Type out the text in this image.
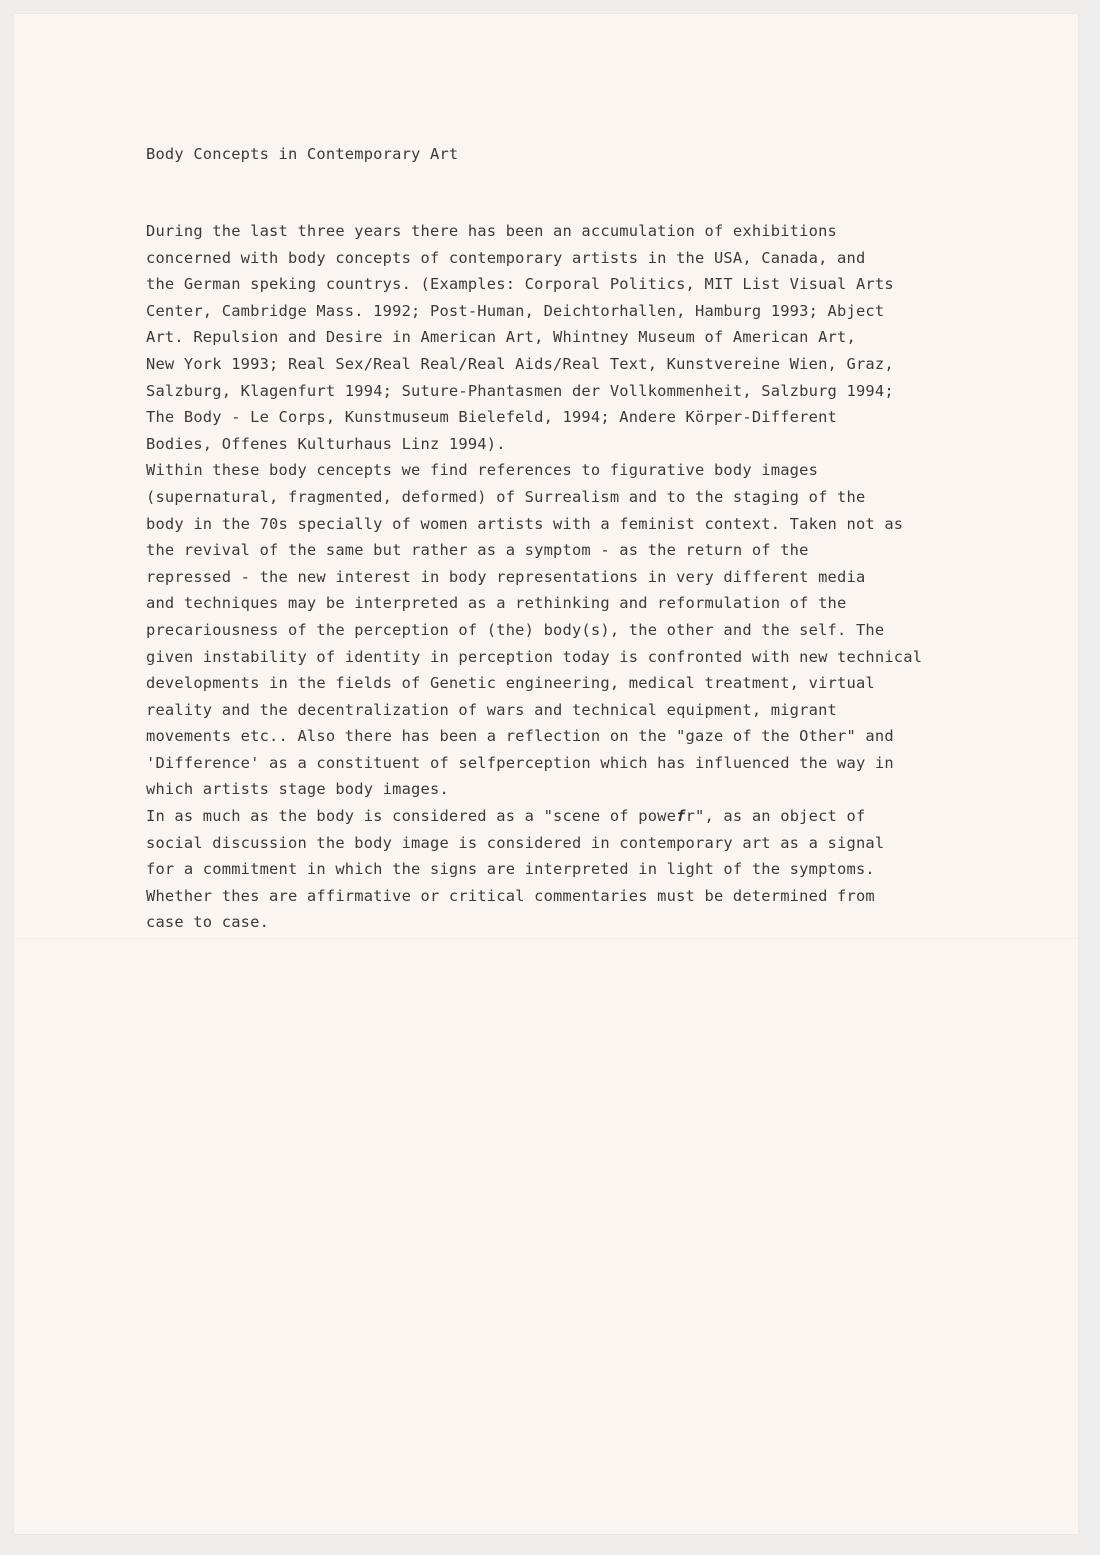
Body Concepts in Contemporary Art
During the last three years there has been an accumulation of exhibitions
concerned with body concepts of contemporary artists in the USA, Canada, and
the German speking countrys. (Examples: Corporal Politics, MIT List Visual Arts
Center, Cambridge Mass. 1992; Post-Human, Deichtorhallen, Hamburg 1993; Abject
Art. Repulsion and Desire in American Art, Whintney Museum of American Art,
New York 1993; Real Sex/Real Real/Real Aids/Real Text, Kunstvereine Wien, Graz,
Salzburg, Klagenfurt 1994; Suture-Phantasmen der Vollkommenheit, Salzburg 1994;
The Body - Le Corps, Kunstmuseum Bielefeld, 1994; Andere Körper-Different
Bodies, Offenes Kulturhaus Linz 1994).
Within these body cencepts we find references to figurative body images
(supernatural, fragmented, deformed) of Surrealism and to the staging of the
body in the 70s specially of women artists with a feminist context. Taken not as
the revival of the same but rather as a symptom - as the return of the
repressed - the new interest in body representations in very different media
and techniques may be interpreted as a rethinking and reformulation of the
precariousness of the perception of (the) body(s), the other and the self. The
given instability of identity in perception today is confronted with new technical
developments in the fields of Genetic engineering, medical treatment, virtual
reality and the decentralization of wars and technical equipment, migrant
movements etc.. Also there has been a reflection on the "gaze of the Other" and
'Difference' as a constituent of selfperception which has influenced the way in
which artists stage body images.
In as much as the body is considered as a "scene of powefr", as an object of
social discussion the body image is considered in contemporary art as a signal
for a commitment in which the signs are interpreted in light of the symptoms.
Whether thes are affirmative or critical commentaries must be determined from
case to case.
